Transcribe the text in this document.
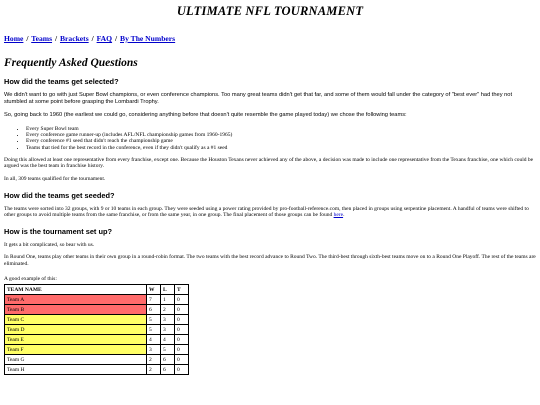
ULTIMATE NFL TOURNAMENT
Home / Teams / Brackets / FAQ / By The Numbers
Frequently Asked Questions
How did the teams get selected?

We didn't want to go with just Super Bowl champions, or even conference champions. Too many great teams didn't get that far, and some of them would fall under the category of "best ever" had they not stumbled at some point before grasping the Lombardi Trophy.

So, going back to 1960 (the earliest we could go, considering anything before that doesn't quite resemble the game played today) we chose the following teams:

• Every Super Bowl team
• Every conference game runner-up (includes AFL/NFL championship games from 1960-1965)
• Every conference #1 seed that didn't reach the championship game
• Teams that tied for the best record in the conference, even if they didn't qualify as a #1 seed

Doing this allowed at least one representative from every franchise, except one. Because the Houston Texans never achieved any of the above, a decision was made to include one representative from the Texans franchise, one which could be argued was the best team in franchise history.

In all, 309 teams qualified for the tournament.

How did the teams get seeded?

The teams were sorted into 32 groups, with 9 or 10 teams in each group. They were seeded using a power rating provided by pro-football-reference.com, then placed in groups using serpentine placement. A handful of teams were shifted to other groups to avoid multiple teams from the same franchise, or from the same year, in one group. The final placement of those groups can be found here.

How is the tournament set up?

It gets a bit complicated, so bear with us.

In Round One, teams play other teams in their own group in a round-robin format. The two teams with the best record advance to Round Two. The third-best through sixth-best teams move on to a Round One Playoff. The rest of the teams are eliminated.

A good example of this:

TEAM NAME	W	L	T
Team A	7	1	0
Team B	6	2	0
Team C	5	3	0
Team D	5	3	0
Team E	4	4	0
Team F	3	5	0
Team G	2	6	0
Team H	2	6	0
